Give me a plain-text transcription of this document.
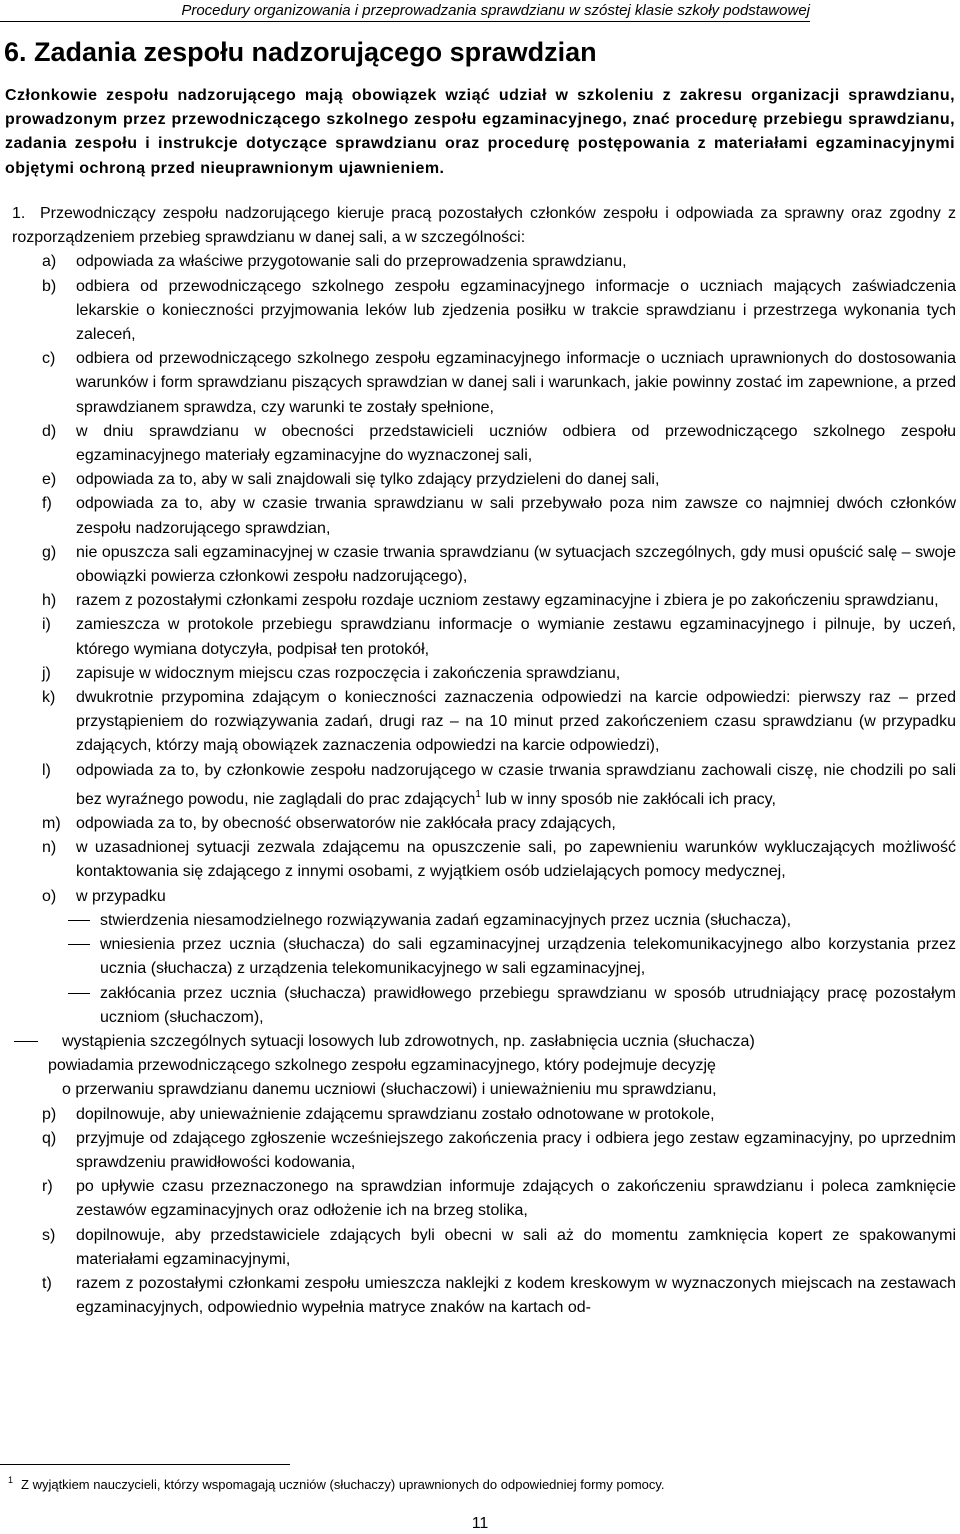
Procedury organizowania i przeprowadzania sprawdzianu w szóstej klasie szkoły podstawowej
6. Zadania zespołu nadzorującego sprawdzian
Członkowie zespołu nadzorującego mają obowiązek wziąć udział w szkoleniu z zakresu organizacji sprawdzianu, prowadzonym przez przewodniczącego szkolnego zespołu egzaminacyjnego, znać procedurę przebiegu sprawdzianu, zadania zespołu i instrukcje dotyczące sprawdzianu oraz procedurę postępowania z materiałami egzaminacyjnymi objętymi ochroną przed nieuprawnionym ujawnieniem.

1. Przewodniczący zespołu nadzorującego kieruje pracą pozostałych członków zespołu i odpowiada za sprawny oraz zgodny z rozporządzeniem przebieg sprawdzianu w danej sali, a w szczególności:

a) odpowiada za właściwe przygotowanie sali do przeprowadzenia sprawdzianu,
b) odbiera od przewodniczącego szkolnego zespołu egzaminacyjnego informacje o uczniach mających zaświadczenia lekarskie o konieczności przyjmowania leków lub zjedzenia posiłku w trakcie sprawdzianu i przestrzega wykonania tych zaleceń,
c) odbiera od przewodniczącego szkolnego zespołu egzaminacyjnego informacje o uczniach uprawnionych do dostosowania warunków i form sprawdzianu piszących sprawdzian w danej sali i warunkach, jakie powinny zostać im zapewnione, a przed sprawdzianem sprawdza, czy warunki te zostały spełnione,
d) w dniu sprawdzianu w obecności przedstawicieli uczniów odbiera od przewodniczącego szkolnego zespołu egzaminacyjnego materiały egzaminacyjne do wyznaczonej sali,
e) odpowiada za to, aby w sali znajdowali się tylko zdający przydzieleni do danej sali,
f) odpowiada za to, aby w czasie trwania sprawdzianu w sali przebywało poza nim zawsze co najmniej dwóch członków zespołu nadzorującego sprawdzian,
g) nie opuszcza sali egzaminacyjnej w czasie trwania sprawdzianu (w sytuacjach szczególnych, gdy musi opuścić salę – swoje obowiązki powierza członkowi zespołu nadzorującego),
h) razem z pozostałymi członkami zespołu rozdaje uczniom zestawy egzaminacyjne i zbiera je po zakończeniu sprawdzianu,
i) zamieszcza w protokole przebiegu sprawdzianu informacje o wymianie zestawu egzaminacyjnego i pilnuje, by uczeń, którego wymiana dotyczyła, podpisał ten protokół,
j) zapisuje w widocznym miejscu czas rozpoczęcia i zakończenia sprawdzianu,
k) dwukrotnie przypomina zdającym o konieczności zaznaczenia odpowiedzi na karcie odpowiedzi: pierwszy raz – przed przystąpieniem do rozwiązywania zadań, drugi raz – na 10 minut przed zakończeniem czasu sprawdzianu (w przypadku zdających, którzy mają obowiązek zaznaczenia odpowiedzi na karcie odpowiedzi),
l) odpowiada za to, by członkowie zespołu nadzorującego w czasie trwania sprawdzianu zachowali ciszę, nie chodzili po sali bez wyraźnego powodu, nie zaglądali do prac zdających$^1$ lub w inny sposób nie zakłócali ich pracy,
m) odpowiada za to, by obecność obserwatorów nie zakłócała pracy zdających,
n) w uzasadnionej sytuacji zezwala zdającemu na opuszczenie sali, po zapewnieniu warunków wykluczających możliwość kontaktowania się zdającego z innymi osobami, z wyjątkiem osób udzielających pomocy medycznej,
o) w przypadku
stwierdzenia niesamodzielnego rozwiązywania zadań egzaminacyjnych przez ucznia (słuchacza),
wniesienia przez ucznia (słuchacza) do sali egzaminacyjnej urządzenia telekomunikacyjnego albo korzystania przez ucznia (słuchacza) z urządzenia telekomunikacyjnego w sali egzaminacyjnej,
zakłócania przez ucznia (słuchacza) prawidłowego przebiegu sprawdzianu w sposób utrudniający pracę pozostałym uczniom (słuchaczom),
wystąpienia szczególnych sytuacji losowych lub zdrowotnych, np. zasłabnięcia ucznia (słuchacza)
powiadamia przewodniczącego szkolnego zespołu egzaminacyjnego, który podejmuje decyzję
o przerwaniu sprawdzianu danemu uczniowi (słuchaczowi) i unieważnieniu mu sprawdzianu,
p) dopilnowuje, aby unieważnienie zdającemu sprawdzianu zostało odnotowane w protokole,
q) przyjmuje od zdającego zgłoszenie wcześniejszego zakończenia pracy i odbiera jego zestaw egzaminacyjny, po uprzednim sprawdzeniu prawidłowości kodowania,
r) po upływie czasu przeznaczonego na sprawdzian informuje zdających o zakończeniu sprawdzianu i poleca zamknięcie zestawów egzaminacyjnych oraz odłożenie ich na brzeg stolika,
s) dopilnowuje, aby przedstawiciele zdających byli obecni w sali aż do momentu zamknięcia kopert ze spakowanymi materiałami egzaminacyjnymi,
t) razem z pozostałymi członkami zespołu umieszcza naklejki z kodem kreskowym w wyznaczonych miejscach na zestawach egzaminacyjnych, odpowiednio wypełnia matryce znaków na kartach od-
$^1$ Z wyjątkiem nauczycieli, którzy wspomagają uczniów (słuchaczy) uprawnionych do odpowiedniej formy pomocy.
11
